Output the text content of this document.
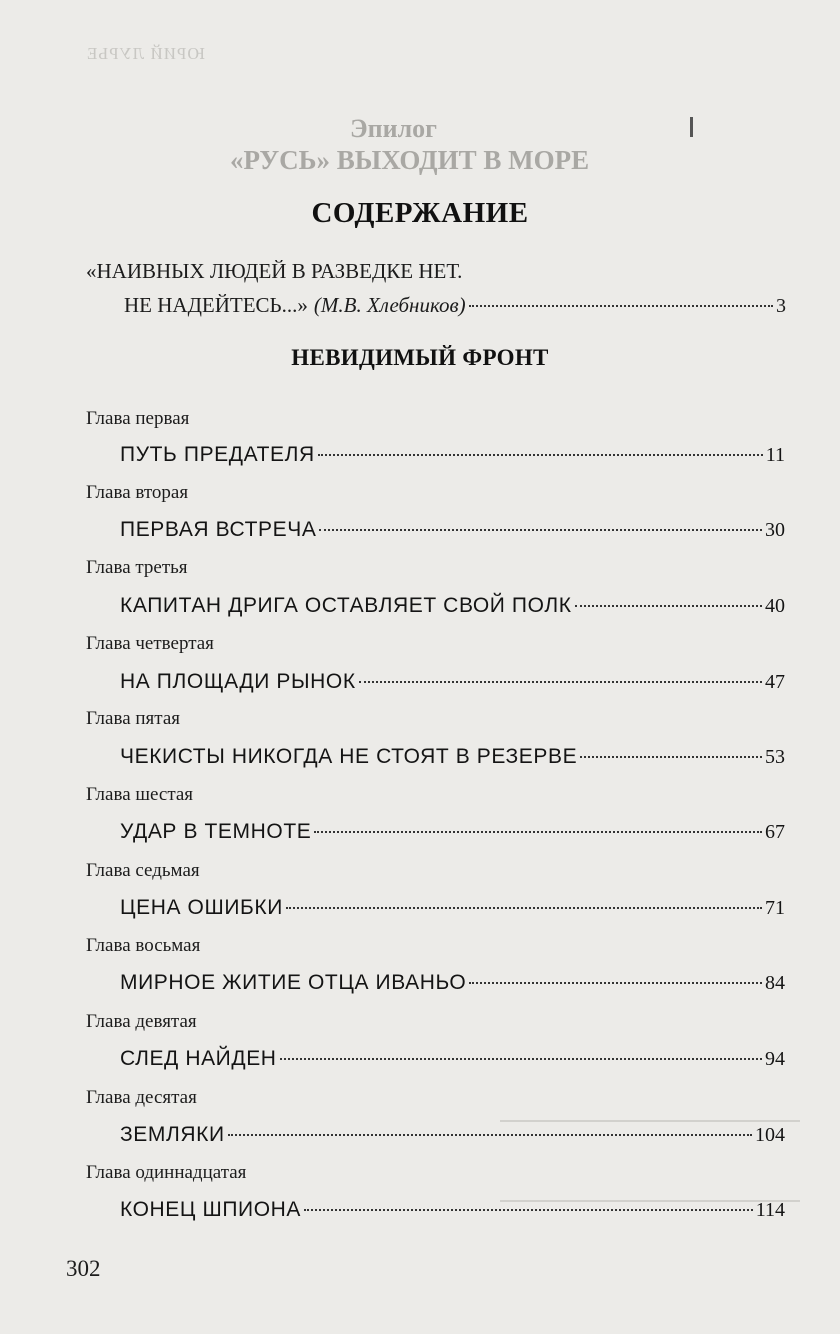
ЮРИЙ ЛУРЬЕ
Эпилог
«РУСЬ» ВЫХОДИТ В МОРЕ
СОДЕРЖАНИЕ
«НАИВНЫХ ЛЮДЕЙ В РАЗВЕДКЕ НЕТ.
НЕ НАДЕЙТЕСЬ...» (М.В. Хлебников)	3
НЕВИДИМЫЙ ФРОНТ
Глава первая
ПУТЬ ПРЕДАТЕЛЯ	11
Глава вторая
ПЕРВАЯ ВСТРЕЧА	30
Глава третья
КАПИТАН ДРИГА ОСТАВЛЯЕТ СВОЙ ПОЛК	40
Глава четвертая
НА ПЛОЩАДИ РЫНОК	47
Глава пятая
ЧЕКИСТЫ НИКОГДА НЕ СТОЯТ В РЕЗЕРВЕ	53
Глава шестая
УДАР В ТЕМНОТЕ	67
Глава седьмая
ЦЕНА ОШИБКИ	71
Глава восьмая
МИРНОЕ ЖИТИЕ ОТЦА ИВАНЬО	84
Глава девятая
СЛЕД НАЙДЕН	94
Глава десятая
ЗЕМЛЯКИ	104
Глава одиннадцатая
КОНЕЦ ШПИОНА	114
302
